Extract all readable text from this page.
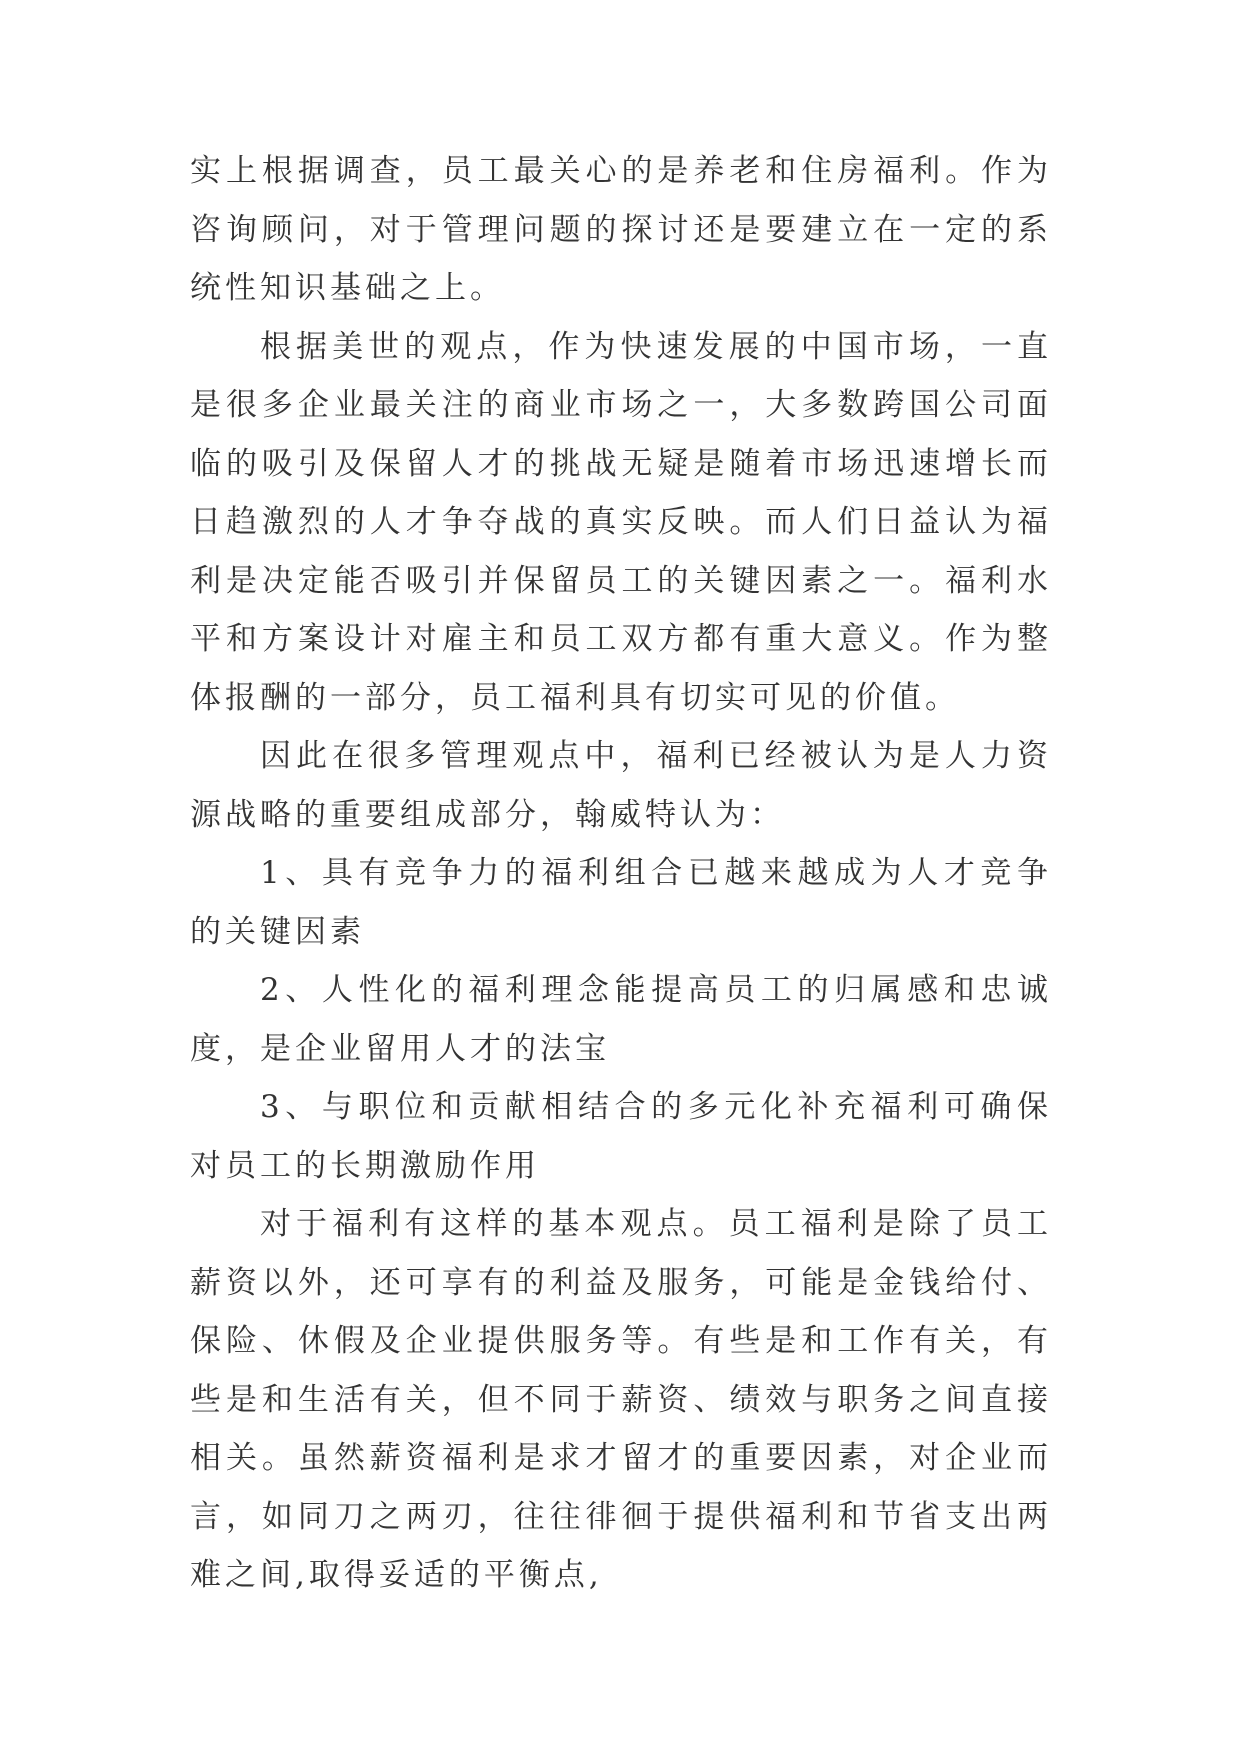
实上根据调查，员工最关心的是养老和住房福利。作为咨询顾问，对于管理问题的探讨还是要建立在一定的系统性知识基础之上。

根据美世的观点，作为快速发展的中国市场，一直是很多企业最关注的商业市场之一，大多数跨国公司面临的吸引及保留人才的挑战无疑是随着市场迅速增长而日趋激烈的人才争夺战的真实反映。而人们日益认为福利是决定能否吸引并保留员工的关键因素之一。福利水平和方案设计对雇主和员工双方都有重大意义。作为整体报酬的一部分，员工福利具有切实可见的价值。

因此在很多管理观点中，福利已经被认为是人力资源战略的重要组成部分，翰威特认为：

1、具有竞争力的福利组合已越来越成为人才竞争的关键因素

2、人性化的福利理念能提高员工的归属感和忠诚度，是企业留用人才的法宝

3、与职位和贡献相结合的多元化补充福利可确保对员工的长期激励作用

对于福利有这样的基本观点。员工福利是除了员工薪资以外，还可享有的利益及服务，可能是金钱给付、保险、休假及企业提供服务等。有些是和工作有关，有些是和生活有关，但不同于薪资、绩效与职务之间直接相关。虽然薪资福利是求才留才的重要因素，对企业而言，如同刀之两刃，往往徘徊于提供福利和节省支出两难之间,取得妥适的平衡点,
